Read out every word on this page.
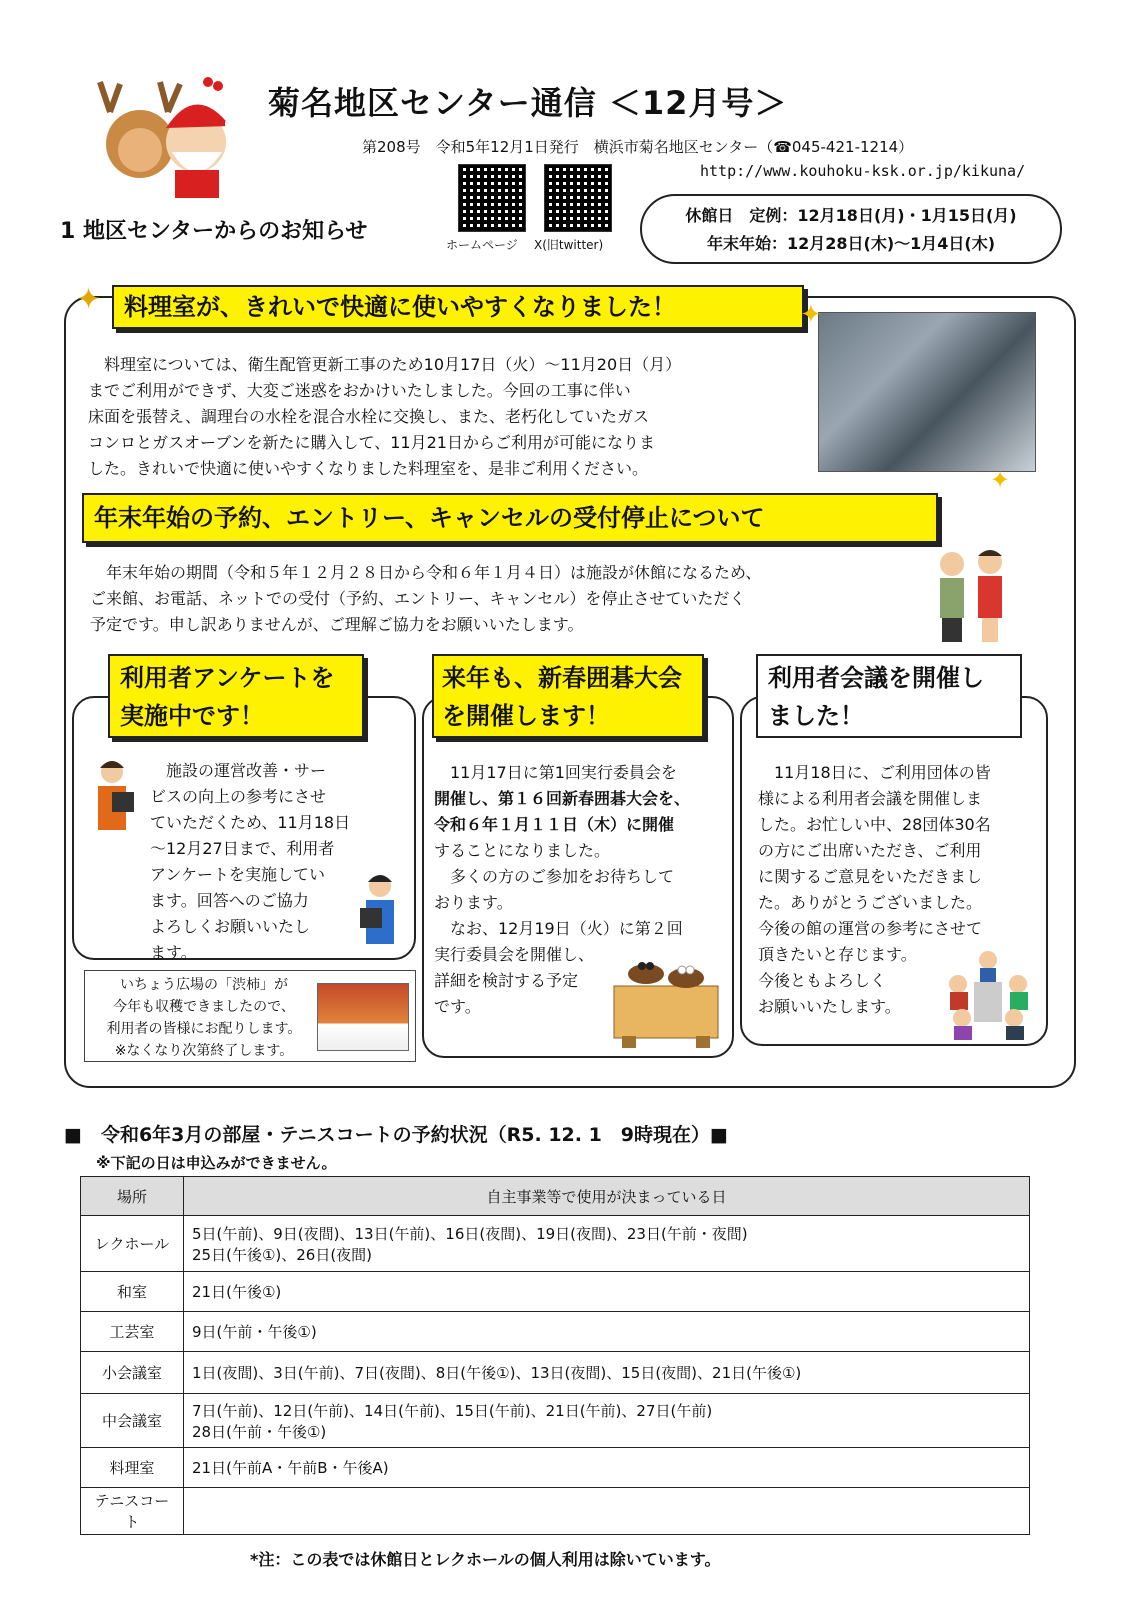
菊名地区センター通信 ＜12月号＞
第208号　令和5年12月1日発行　横浜市菊名地区センター（☎045-421-1214）
http://www.kouhoku-ksk.or.jp/kikuna/
1 地区センターからのお知らせ
ホームページ X(旧twitter)
休館日　定例：12月18日(月)・1月15日(月)
年末年始：12月28日(木)～1月4日(木)
✦ 料理室が、きれいで快適に使いやすくなりました！
　料理室については、衛生配管更新工事のため10月17日（火）～11月20日（月）
までご利用ができず、大変ご迷惑をおかけいたしました。今回の工事に伴い
床面を張替え、調理台の水栓を混合水栓に交換し、また、老朽化していたガス
コンロとガスオーブンを新たに購入して、11月21日からご利用が可能になりま
した。きれいで快適に使いやすくなりました料理室を、是非ご利用ください。
✦
✦
年末年始の予約、エントリー、キャンセルの受付停止について
　年末年始の期間（令和５年１２月２８日から令和６年１月４日）は施設が休館になるため、
ご来館、お電話、ネットでの受付（予約、エントリー、キャンセル）を停止させていただく
予定です。申し訳ありませんが、ご理解ご協力をお願いいたします。
利用者アンケートを
実施中です！
　施設の運営改善・サー
ビスの向上の参考にさせ
ていただくため、11月18日
～12月27日まで、利用者
アンケートを実施してい
ます。回答へのご協力
よろしくお願いいたし
ます。
いちょう広場の「渋柿」が
今年も収穫できましたので、
利用者の皆様にお配りします。
※なくなり次第終了します。
来年も、新春囲碁大会
を開催します！
　11月17日に第1回実行委員会を
開催し、第１６回新春囲碁大会を、
令和６年１月１１日（木）に開催
することになりました。
　多くの方のご参加をお待ちして
おります。
　なお、12月19日（火）に第２回
実行委員会を開催し、
詳細を検討する予定
です。
利用者会議を開催し
ました！
　11月18日に、ご利用団体の皆
様による利用者会議を開催しま
した。お忙しい中、28団体30名
の方にご出席いただき、ご利用
に関するご意見をいただきまし
た。ありがとうございました。
今後の館の運営の参考にさせて
頂きたいと存じます。
今後ともよろしく
お願いいたします。
■　令和6年3月の部屋・テニスコートの予約状況（R5. 12. 1　9時現在）■
※下記の日は申込みができません。
場所	自主事業等で使用が決まっている日
レクホール	5日(午前)、9日(夜間)、13日(午前)、16日(夜間)、19日(夜間)、23日(午前・夜間)
25日(午後①)、26日(夜間)

和室	21日(午後①)
工芸室	9日(午前・午後①)
小会議室	1日(夜間)、3日(午前)、7日(夜間)、8日(午後①)、13日(夜間)、15日(夜間)、21日(午後①)
中会議室	7日(午前)、12日(午前)、14日(午前)、15日(午前)、21日(午前)、27日(午前)
28日(午前・午後①)

料理室	21日(午前A・午前B・午後A)
テニスコート	
*注：この表では休館日とレクホールの個人利用は除いています。
